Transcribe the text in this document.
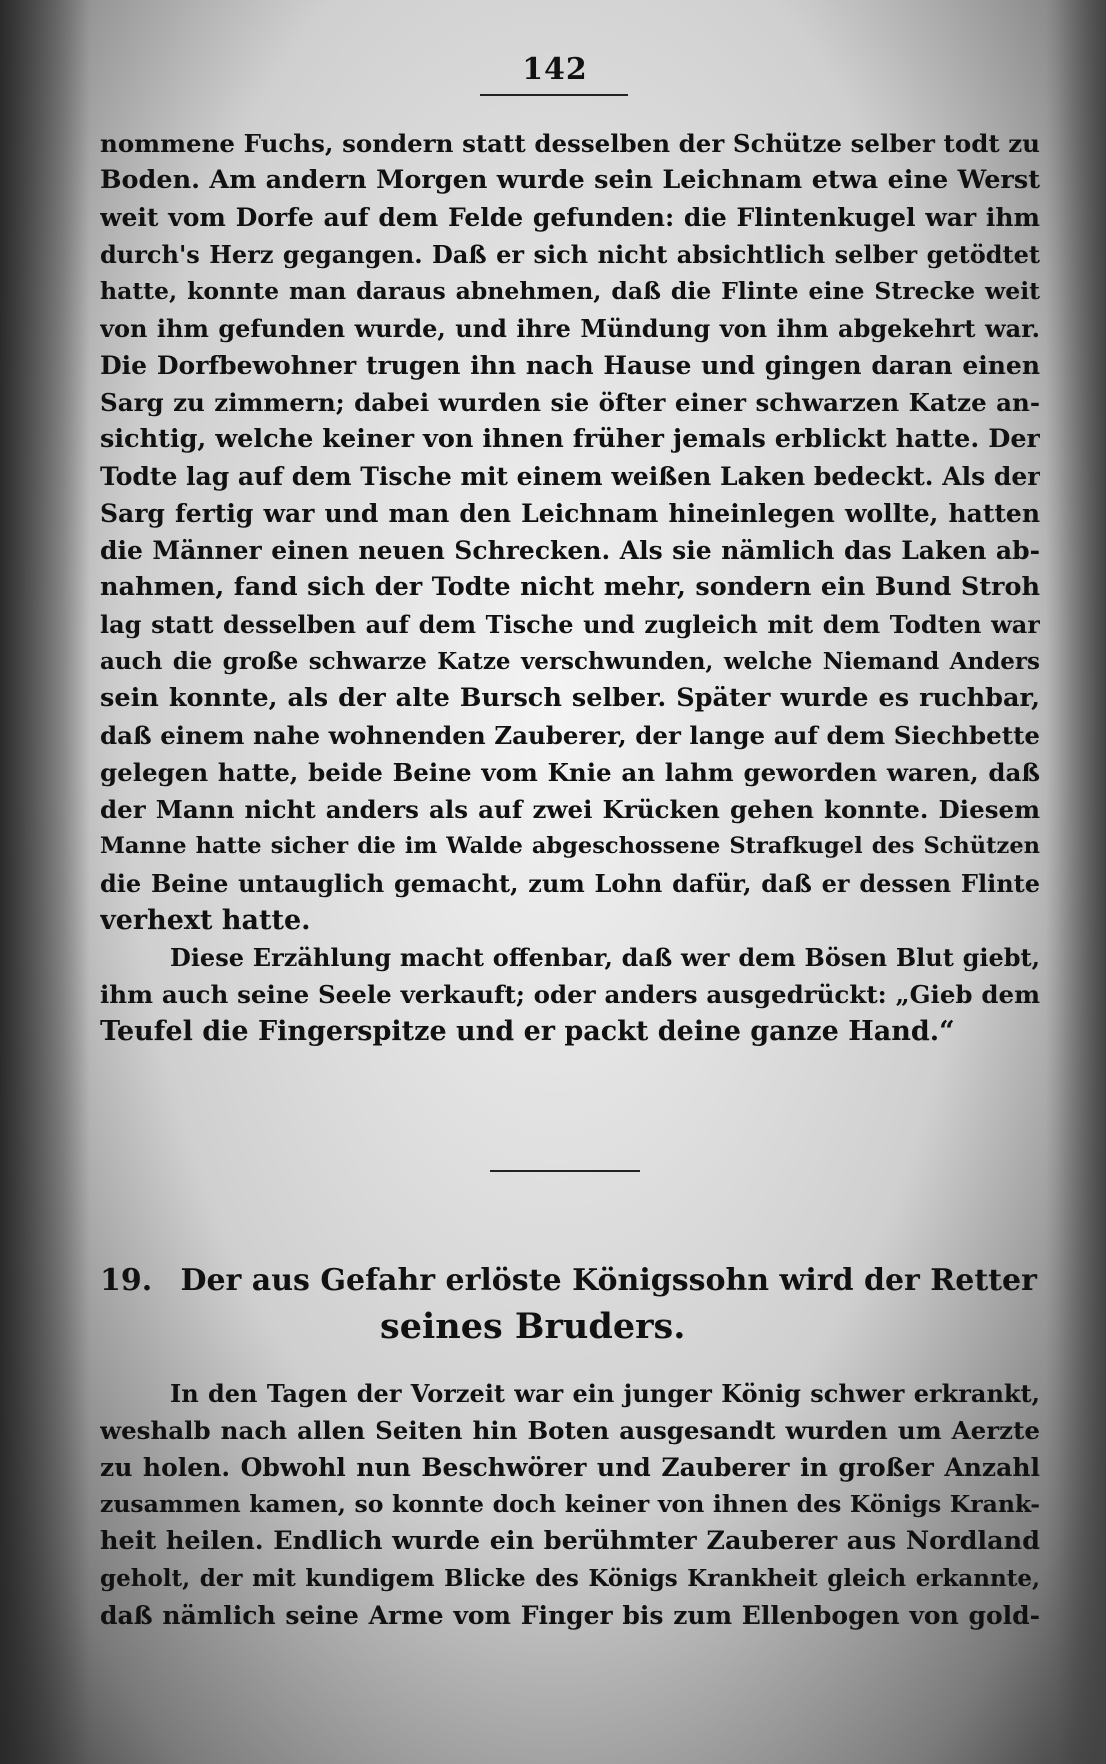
142
nommene Fuchs, sondern statt desselben der Schütze selber todt zu
Boden. Am andern Morgen wurde sein Leichnam etwa eine Werst
weit vom Dorfe auf dem Felde gefunden: die Flintenkugel war ihm
durch's Herz gegangen. Daß er sich nicht absichtlich selber getödtet
hatte, konnte man daraus abnehmen, daß die Flinte eine Strecke weit
von ihm gefunden wurde, und ihre Mündung von ihm abgekehrt war.
Die Dorfbewohner trugen ihn nach Hause und gingen daran einen
Sarg zu zimmern; dabei wurden sie öfter einer schwarzen Katze an-
sichtig, welche keiner von ihnen früher jemals erblickt hatte. Der
Todte lag auf dem Tische mit einem weißen Laken bedeckt. Als der
Sarg fertig war und man den Leichnam hineinlegen wollte, hatten
die Männer einen neuen Schrecken. Als sie nämlich das Laken ab-
nahmen, fand sich der Todte nicht mehr, sondern ein Bund Stroh
lag statt desselben auf dem Tische und zugleich mit dem Todten war
auch die große schwarze Katze verschwunden, welche Niemand Anders
sein konnte, als der alte Bursch selber. Später wurde es ruchbar,
daß einem nahe wohnenden Zauberer, der lange auf dem Siechbette
gelegen hatte, beide Beine vom Knie an lahm geworden waren, daß
der Mann nicht anders als auf zwei Krücken gehen konnte. Diesem
Manne hatte sicher die im Walde abgeschossene Strafkugel des Schützen
die Beine untauglich gemacht, zum Lohn dafür, daß er dessen Flinte
verhext hatte.
Diese Erzählung macht offenbar, daß wer dem Bösen Blut giebt,
ihm auch seine Seele verkauft; oder anders ausgedrückt: „Gieb dem
Teufel die Fingerspitze und er packt deine ganze Hand.“
19. Der aus Gefahr erlöste Königssohn wird der Retter
seines Bruders.
In den Tagen der Vorzeit war ein junger König schwer erkrankt,
weshalb nach allen Seiten hin Boten ausgesandt wurden um Aerzte
zu holen. Obwohl nun Beschwörer und Zauberer in großer Anzahl
zusammen kamen, so konnte doch keiner von ihnen des Königs Krank-
heit heilen. Endlich wurde ein berühmter Zauberer aus Nordland
geholt, der mit kundigem Blicke des Königs Krankheit gleich erkannte,
daß nämlich seine Arme vom Finger bis zum Ellenbogen von gold-
